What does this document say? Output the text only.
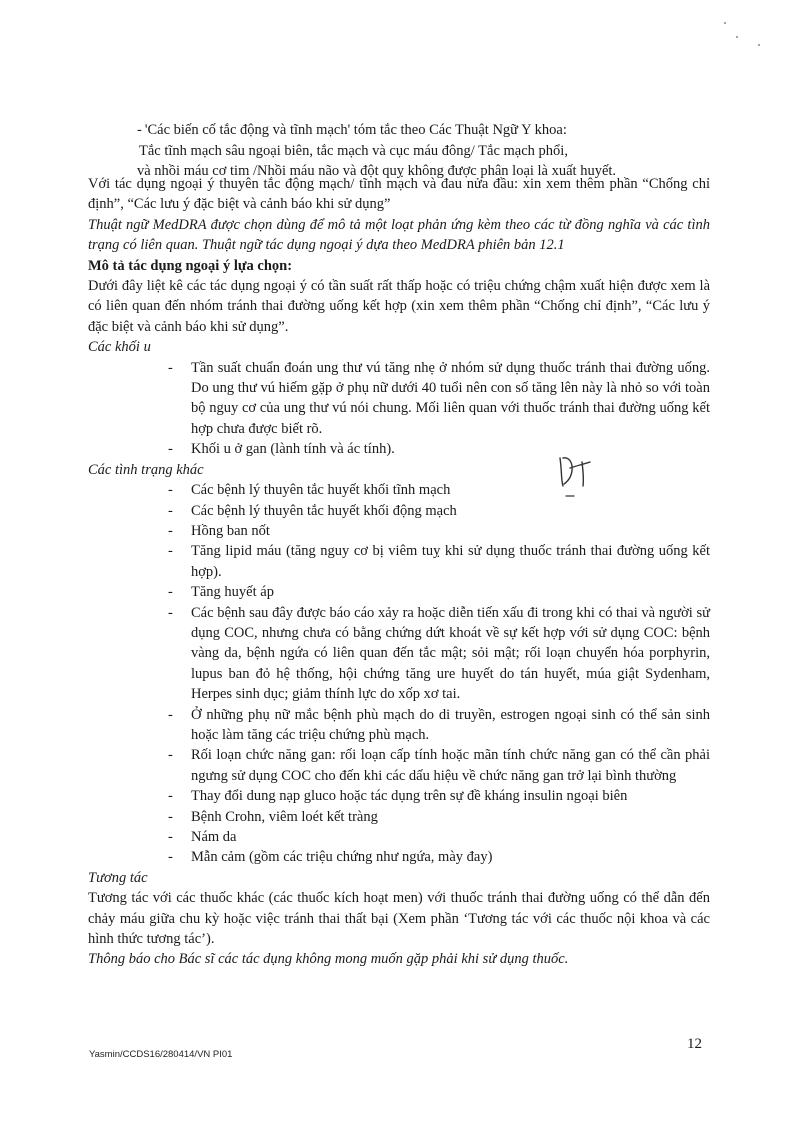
- 'Các biến cố tắc động và tĩnh mạch' tóm tắc theo Các Thuật Ngữ Y khoa:

Tắc tĩnh mạch sâu ngoại biên, tắc mạch và cục máu đông/ Tắc mạch phổi,

và nhồi máu cơ tim /Nhồi máu não và đột quỵ không được phân loại là xuất huyết.

Với tác dụng ngoại ý thuyên tắc động mạch/ tĩnh mạch và đau nửa đầu: xin xem thêm phần “Chống chỉ định”, “Các lưu ý đặc biệt và cảnh báo khi sử dụng”

Thuật ngữ MedDRA được chọn dùng để mô tả một loạt phản ứng kèm theo các từ đồng nghĩa và các tình trạng có liên quan. Thuật ngữ tác dụng ngoại ý dựa theo MedDRA phiên bản 12.1

Mô tả tác dụng ngoại ý lựa chọn:

Dưới đây liệt kê các tác dụng ngoại ý có tần suất rất thấp hoặc có triệu chứng chậm xuất hiện được xem là có liên quan đến nhóm tránh thai đường uống kết hợp (xin xem thêm phần “Chống chỉ định”, “Các lưu ý đặc biệt và cảnh báo khi sử dụng”.

Các khối u

- Tần suất chuẩn đoán ung thư vú tăng nhẹ ở nhóm sử dụng thuốc tránh thai đường uống. Do ung thư vú hiếm gặp ở phụ nữ dưới 40 tuổi nên con số tăng lên này là nhỏ so với toàn bộ nguy cơ của ung thư vú nói chung. Mối liên quan với thuốc tránh thai đường uống kết hợp chưa được biết rõ.
- Khối u ở gan (lành tính và ác tính).

Các tình trạng khác

- Các bệnh lý thuyên tắc huyết khối tĩnh mạch
- Các bệnh lý thuyên tắc huyết khối động mạch
- Hồng ban nốt
- Tăng lipid máu (tăng nguy cơ bị viêm tuỵ khi sử dụng thuốc tránh thai đường uống kết hợp).
- Tăng huyết áp
- Các bệnh sau đây được báo cáo xảy ra hoặc diễn tiến xấu đi trong khi có thai và người sử dụng COC, nhưng chưa có bằng chứng dứt khoát về sự kết hợp với sử dụng COC: bệnh vàng da, bệnh ngứa có liên quan đến tắc mật; sỏi mật; rối loạn chuyển hóa porphyrin, lupus ban đỏ hệ thống, hội chứng tăng ure huyết do tán huyết, múa giật Sydenham, Herpes sinh dục; giảm thính lực do xốp xơ tai.
- Ở những phụ nữ mắc bệnh phù mạch do di truyền, estrogen ngoại sinh có thể sản sinh hoặc làm tăng các triệu chứng phù mạch.
- Rối loạn chức năng gan: rối loạn cấp tính hoặc mãn tính chức năng gan có thể cần phải ngưng sử dụng COC cho đến khi các dấu hiệu về chức năng gan trở lại bình thường
- Thay đổi dung nạp gluco hoặc tác dụng trên sự đề kháng insulin ngoại biên
- Bệnh Crohn, viêm loét kết tràng
- Nám da
- Mẫn cảm (gồm các triệu chứng như ngứa, mày đay)

Tương tác

Tương tác với các thuốc khác (các thuốc kích hoạt men) với thuốc tránh thai đường uống có thể dẫn đến chảy máu giữa chu kỳ hoặc việc tránh thai thất bại (Xem phần ‘Tương tác với các thuốc nội khoa và các hình thức tương tác’).

Thông báo cho Bác sĩ các tác dụng không mong muốn gặp phải khi sử dụng thuốc.

Yasmin/CCDS16/280414/VN PI01
12
